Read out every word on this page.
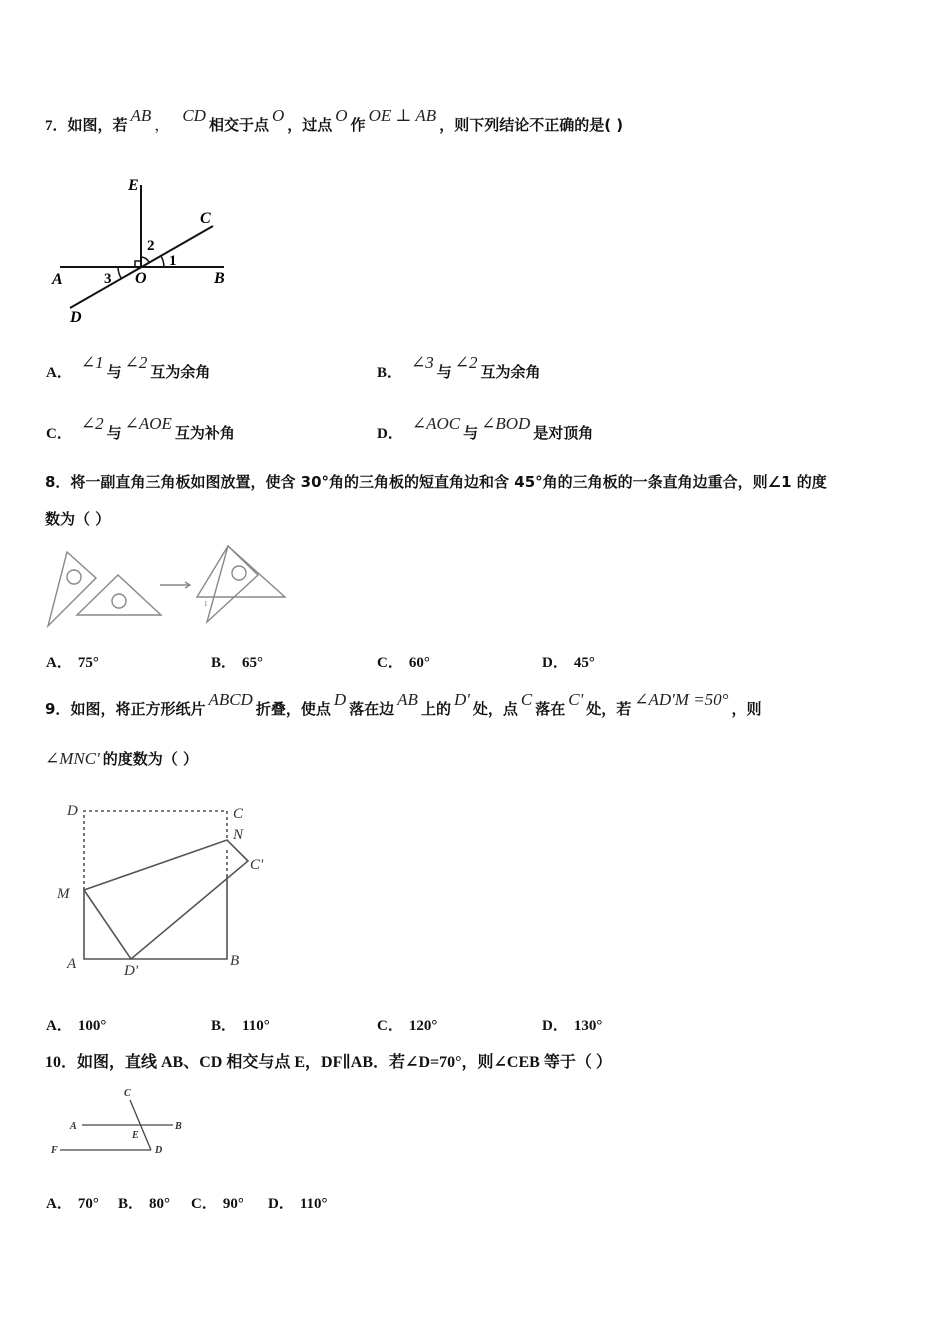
7．如图，若 AB ， CD 相交于点 O ，过点 O 作 OE ⊥ AB ，则下列结论不正确的是( )
E
C
A	O	B
D
2
1
3
A．∠1 与 ∠2 互为余角	B．∠3 与 ∠2 互为余角
C．∠2 与 ∠AOE 互为补角	D．∠AOC 与 ∠BOD 是对顶角
8．将一副直角三角板如图放置，使含 30°角的三角板的短直角边和含 45°角的三角板的一条直角边重合，则∠1 的度
数为（ ）
1
A． 75°	B． 65°	C． 60°	D． 45°
9．如图，将正方形纸片 ABCD 折叠，使点 D 落在边 AB 上的 D' 处，点 C 落在 C' 处，若 ∠AD'M =50° ，则
∠MNC' 的度数为（ ）
D	C
N
C'
M
A	D'
B
A． 100°	B． 110°	C． 120°	D． 130°
10．如图，直线 AB、CD 相交与点 E，DF∥AB．若∠D=70°，则∠CEB 等于（ ）
C
A	B
E
F	D
A． 70° B． 80° C． 90° D． 110°
